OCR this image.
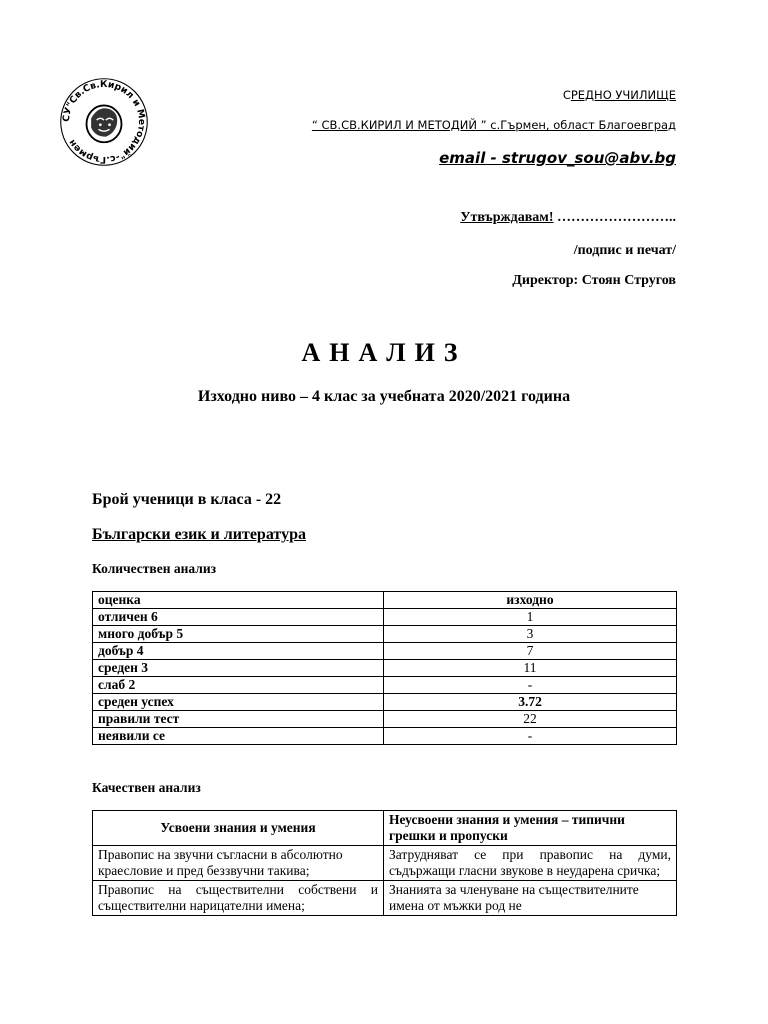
СУ"Св.Св.Кирил и Методий"-с.Гърмен
СРЕДНО УЧИЛИЩЕ
“ СВ.СВ.КИРИЛ И МЕТОДИЙ ” с.Гърмен, област Благоевград
email - strugov_sou@abv.bg
Утвърждавам! ……………………..
/подпис и печат/
Директор: Стоян Стругов
АНАЛИЗ
Изходно ниво – 4 клас за учебната 2020/2021 година
Брой ученици в класа - 22
Български език и литература
Количествен анализ
оценка	изходно
отличен 6	1
много добър 5	3
добър 4	7
среден 3	11
слаб 2	-
среден успех	3.72
правили тест	22
неявили се	-
Качествен анализ
Усвоени знания и умения	Неусвоени знания и умения – типични грешки и пропуски
Правопис на звучни съгласни в абсолютно краесловие и пред беззвучни такива;	Затрудняват се при правопис на думи, съдържащи гласни звукове в неударена сричка;
Правопис на съществителни собствени и съществителни нарицателни имена;	Знанията за членуване на съществителните имена от мъжки род не
